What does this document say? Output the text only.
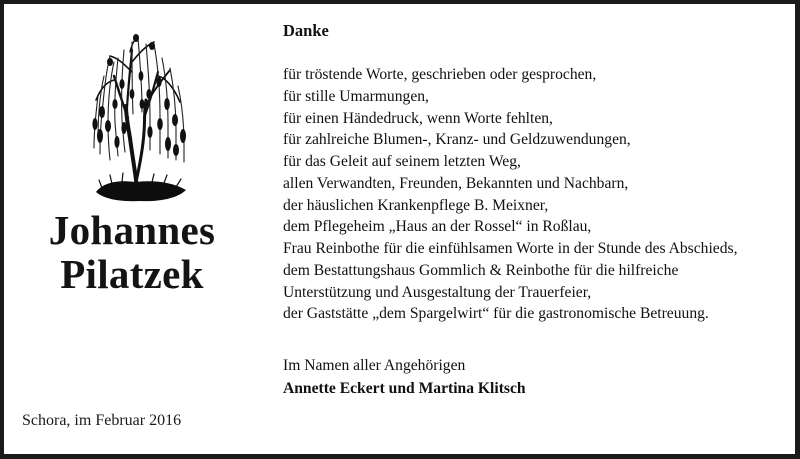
Johannes
Pilatzek
Schora, im Februar 2016
Danke
für tröstende Worte, geschrieben oder gesprochen,
für stille Umarmungen,
für einen Händedruck, wenn Worte fehlten,
für zahlreiche Blumen-, Kranz- und Geldzuwendungen,
für das Geleit auf seinem letzten Weg,
allen Verwandten, Freunden, Bekannten und Nachbarn,
der häuslichen Krankenpflege B. Meixner,
dem Pflegeheim „Haus an der Rossel“ in Roßlau,
Frau Reinbothe für die einfühlsamen Worte in der Stunde des Abschieds,
dem Bestattungshaus Gommlich & Reinbothe für die hilfreiche
Unterstützung und Ausgestaltung der Trauerfeier,
der Gaststätte „dem Spargelwirt“ für die gastronomische Betreuung.
Im Namen aller Angehörigen
Annette Eckert und Martina Klitsch
